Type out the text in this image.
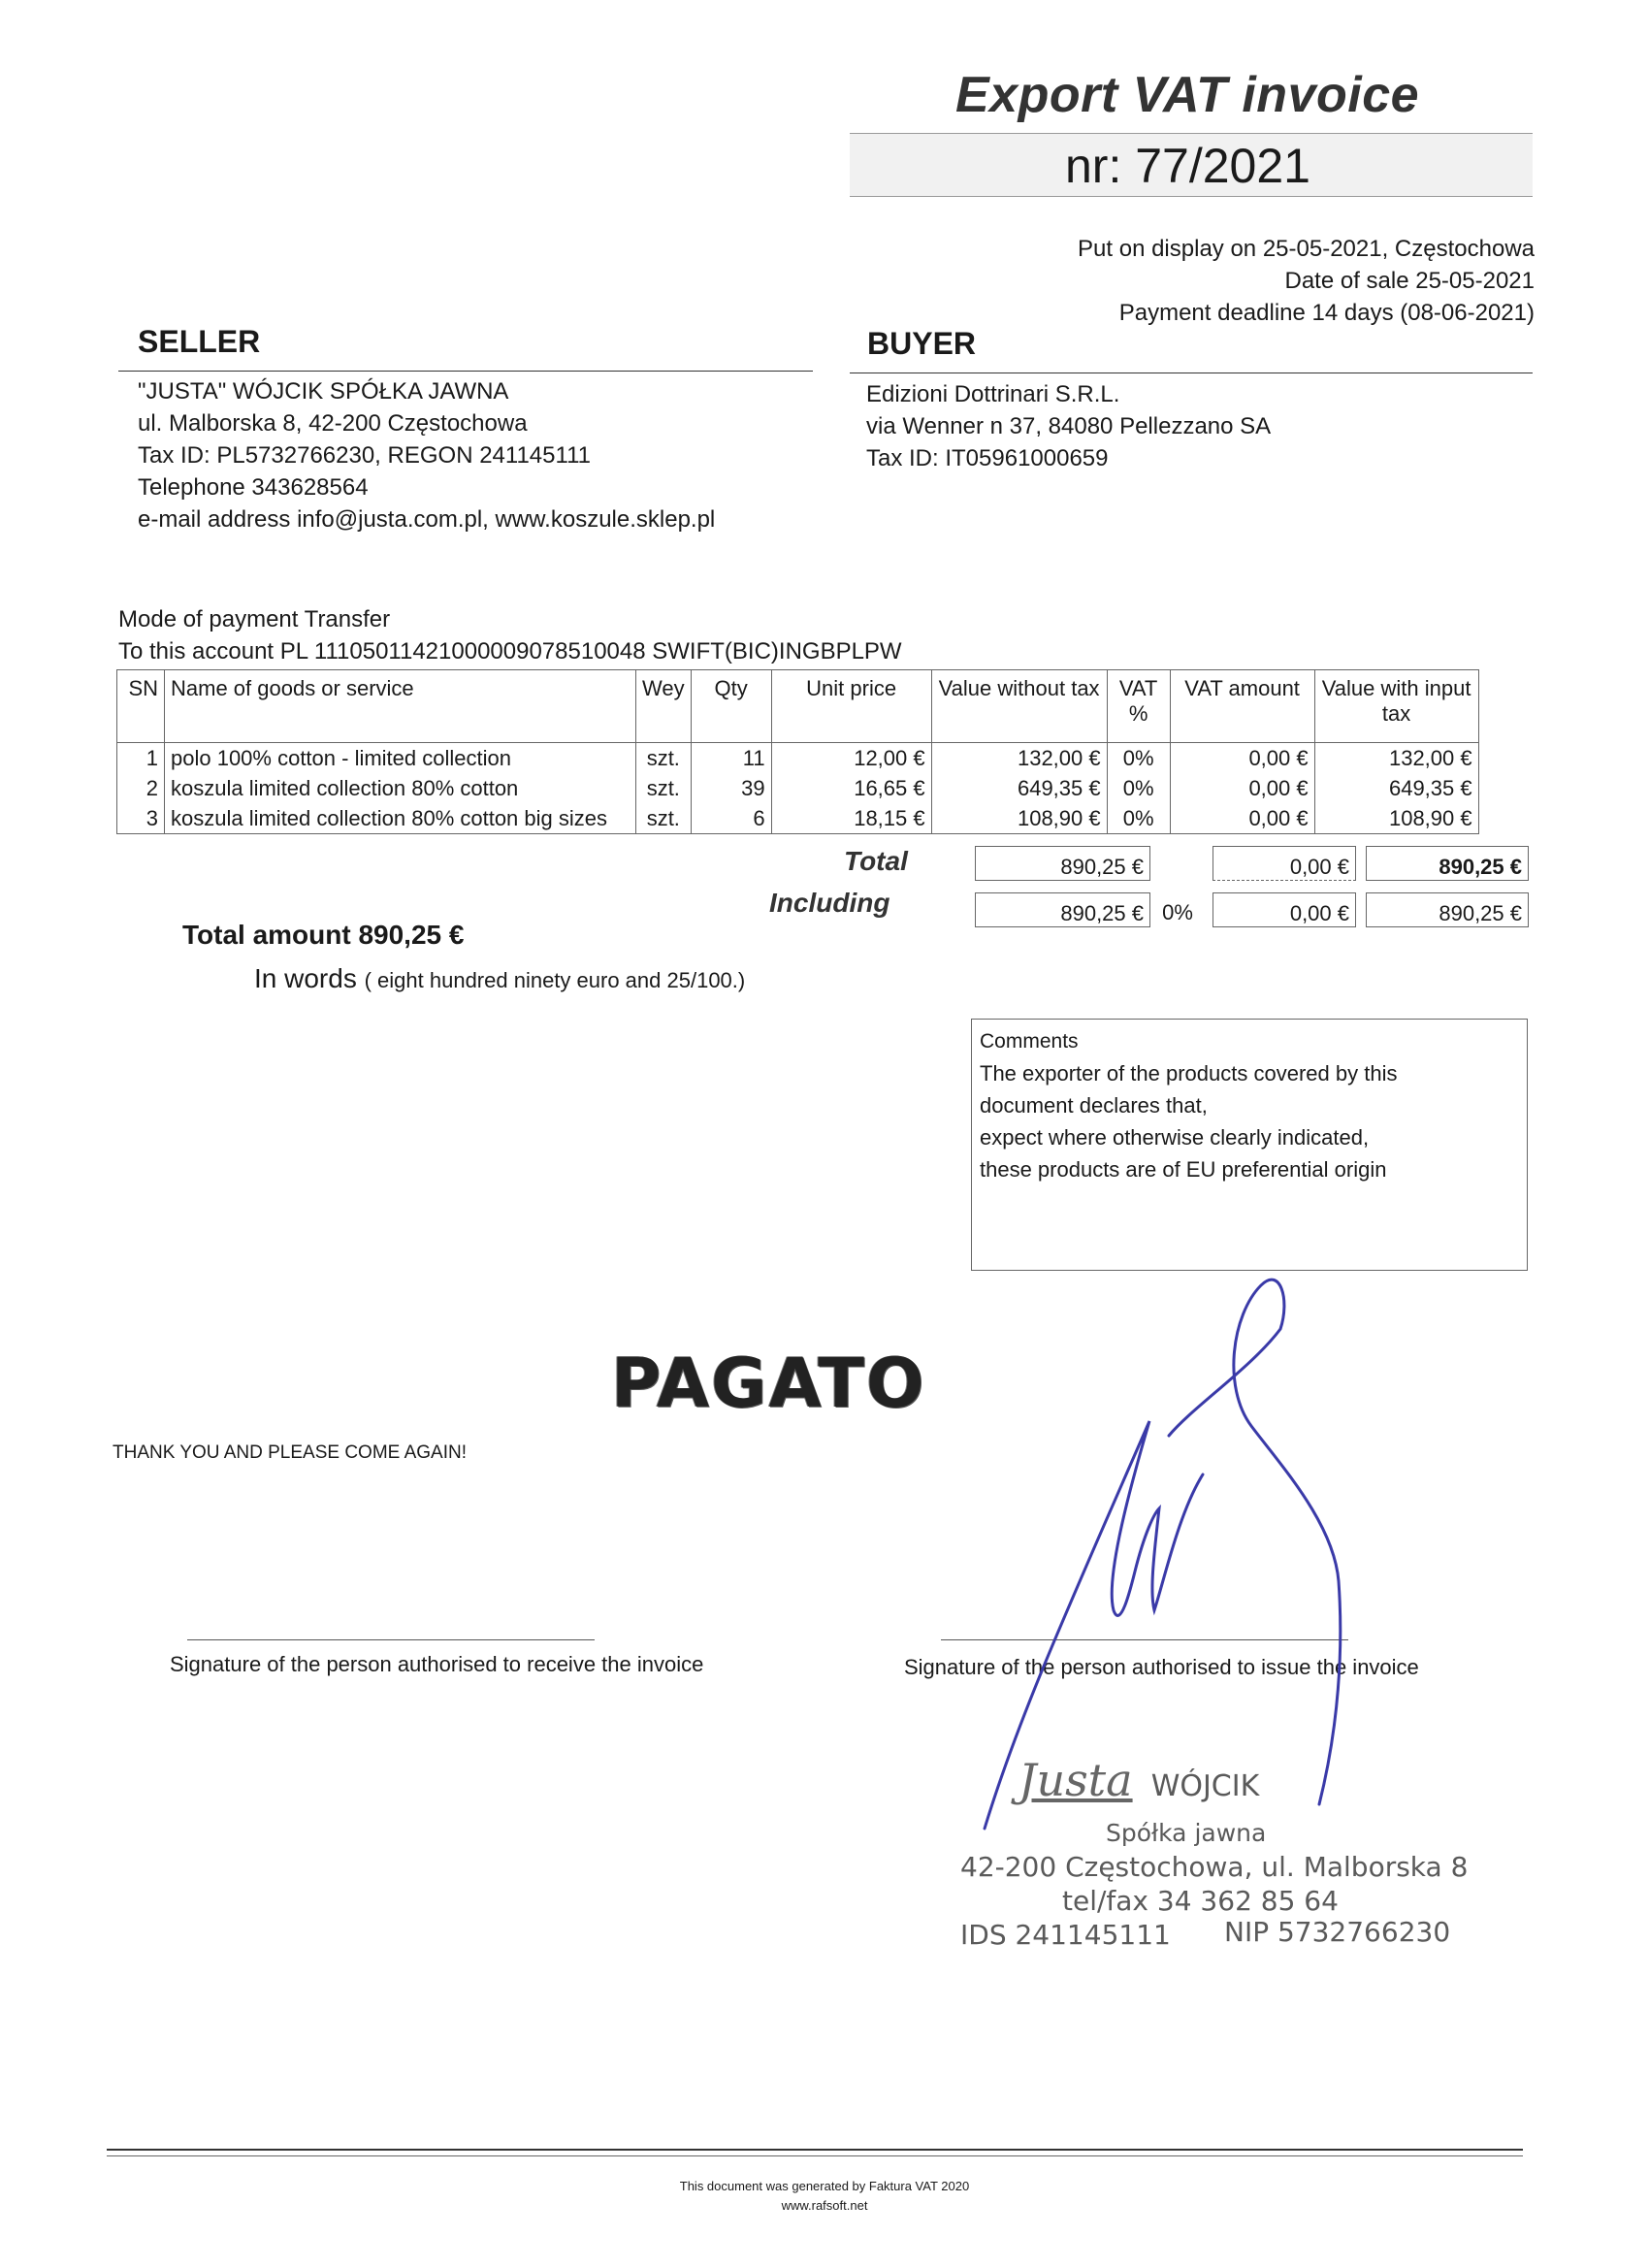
Export VAT invoice
nr: 77/2021
Put on display on 25-05-2021, Częstochowa
Date of sale 25-05-2021
Payment deadline 14 days (08-06-2021)
SELLER
"JUSTA" WÓJCIK SPÓŁKA JAWNA
ul. Malborska 8, 42-200 Częstochowa
Tax ID: PL5732766230, REGON 241145111
Telephone 343628564
e-mail address info@justa.com.pl, www.koszule.sklep.pl
BUYER
Edizioni Dottrinari S.R.L.
via Wenner n 37, 84080 Pellezzano SA
Tax ID: IT05961000659
Mode of payment Transfer
To this account PL 11105011421000009078510048 SWIFT(BIC)INGBPLPW
SN	Name of goods or service	Wey	Qty	Unit price	Value without tax	VAT %	VAT amount	Value with input tax
1	polo 100% cotton - limited collection	szt.	11	12,00 €	132,00 €	0%	0,00 €	132,00 €
2	koszula limited collection 80% cotton	szt.	39	16,65 €	649,35 €	0%	0,00 €	649,35 €
3	koszula limited collection 80% cotton big sizes	szt.	6	18,15 €	108,90 €	0%	0,00 €	108,90 €
Total	890,25 €	0,00 €	890,25 €
Including	890,25 € 0%	0,00 €	890,25 €
Total amount 890,25 €
In words ( eight hundred ninety euro and 25/100.)
Comments
The exporter of the products covered by this
document declares that,
expect where otherwise clearly indicated,
these products are of EU preferential origin
PAGATO
THANK YOU AND PLEASE COME AGAIN!
Signature of the person authorised to receive the invoice	Signature of the person authorised to issue the invoice
Justa WÓJCIK
Spółka jawna
42-200 Częstochowa, ul. Malborska 8
tel/fax 34 362 85 64
IDS 241145111 NIP 5732766230
This document was generated by Faktura VAT 2020
www.rafsoft.net
